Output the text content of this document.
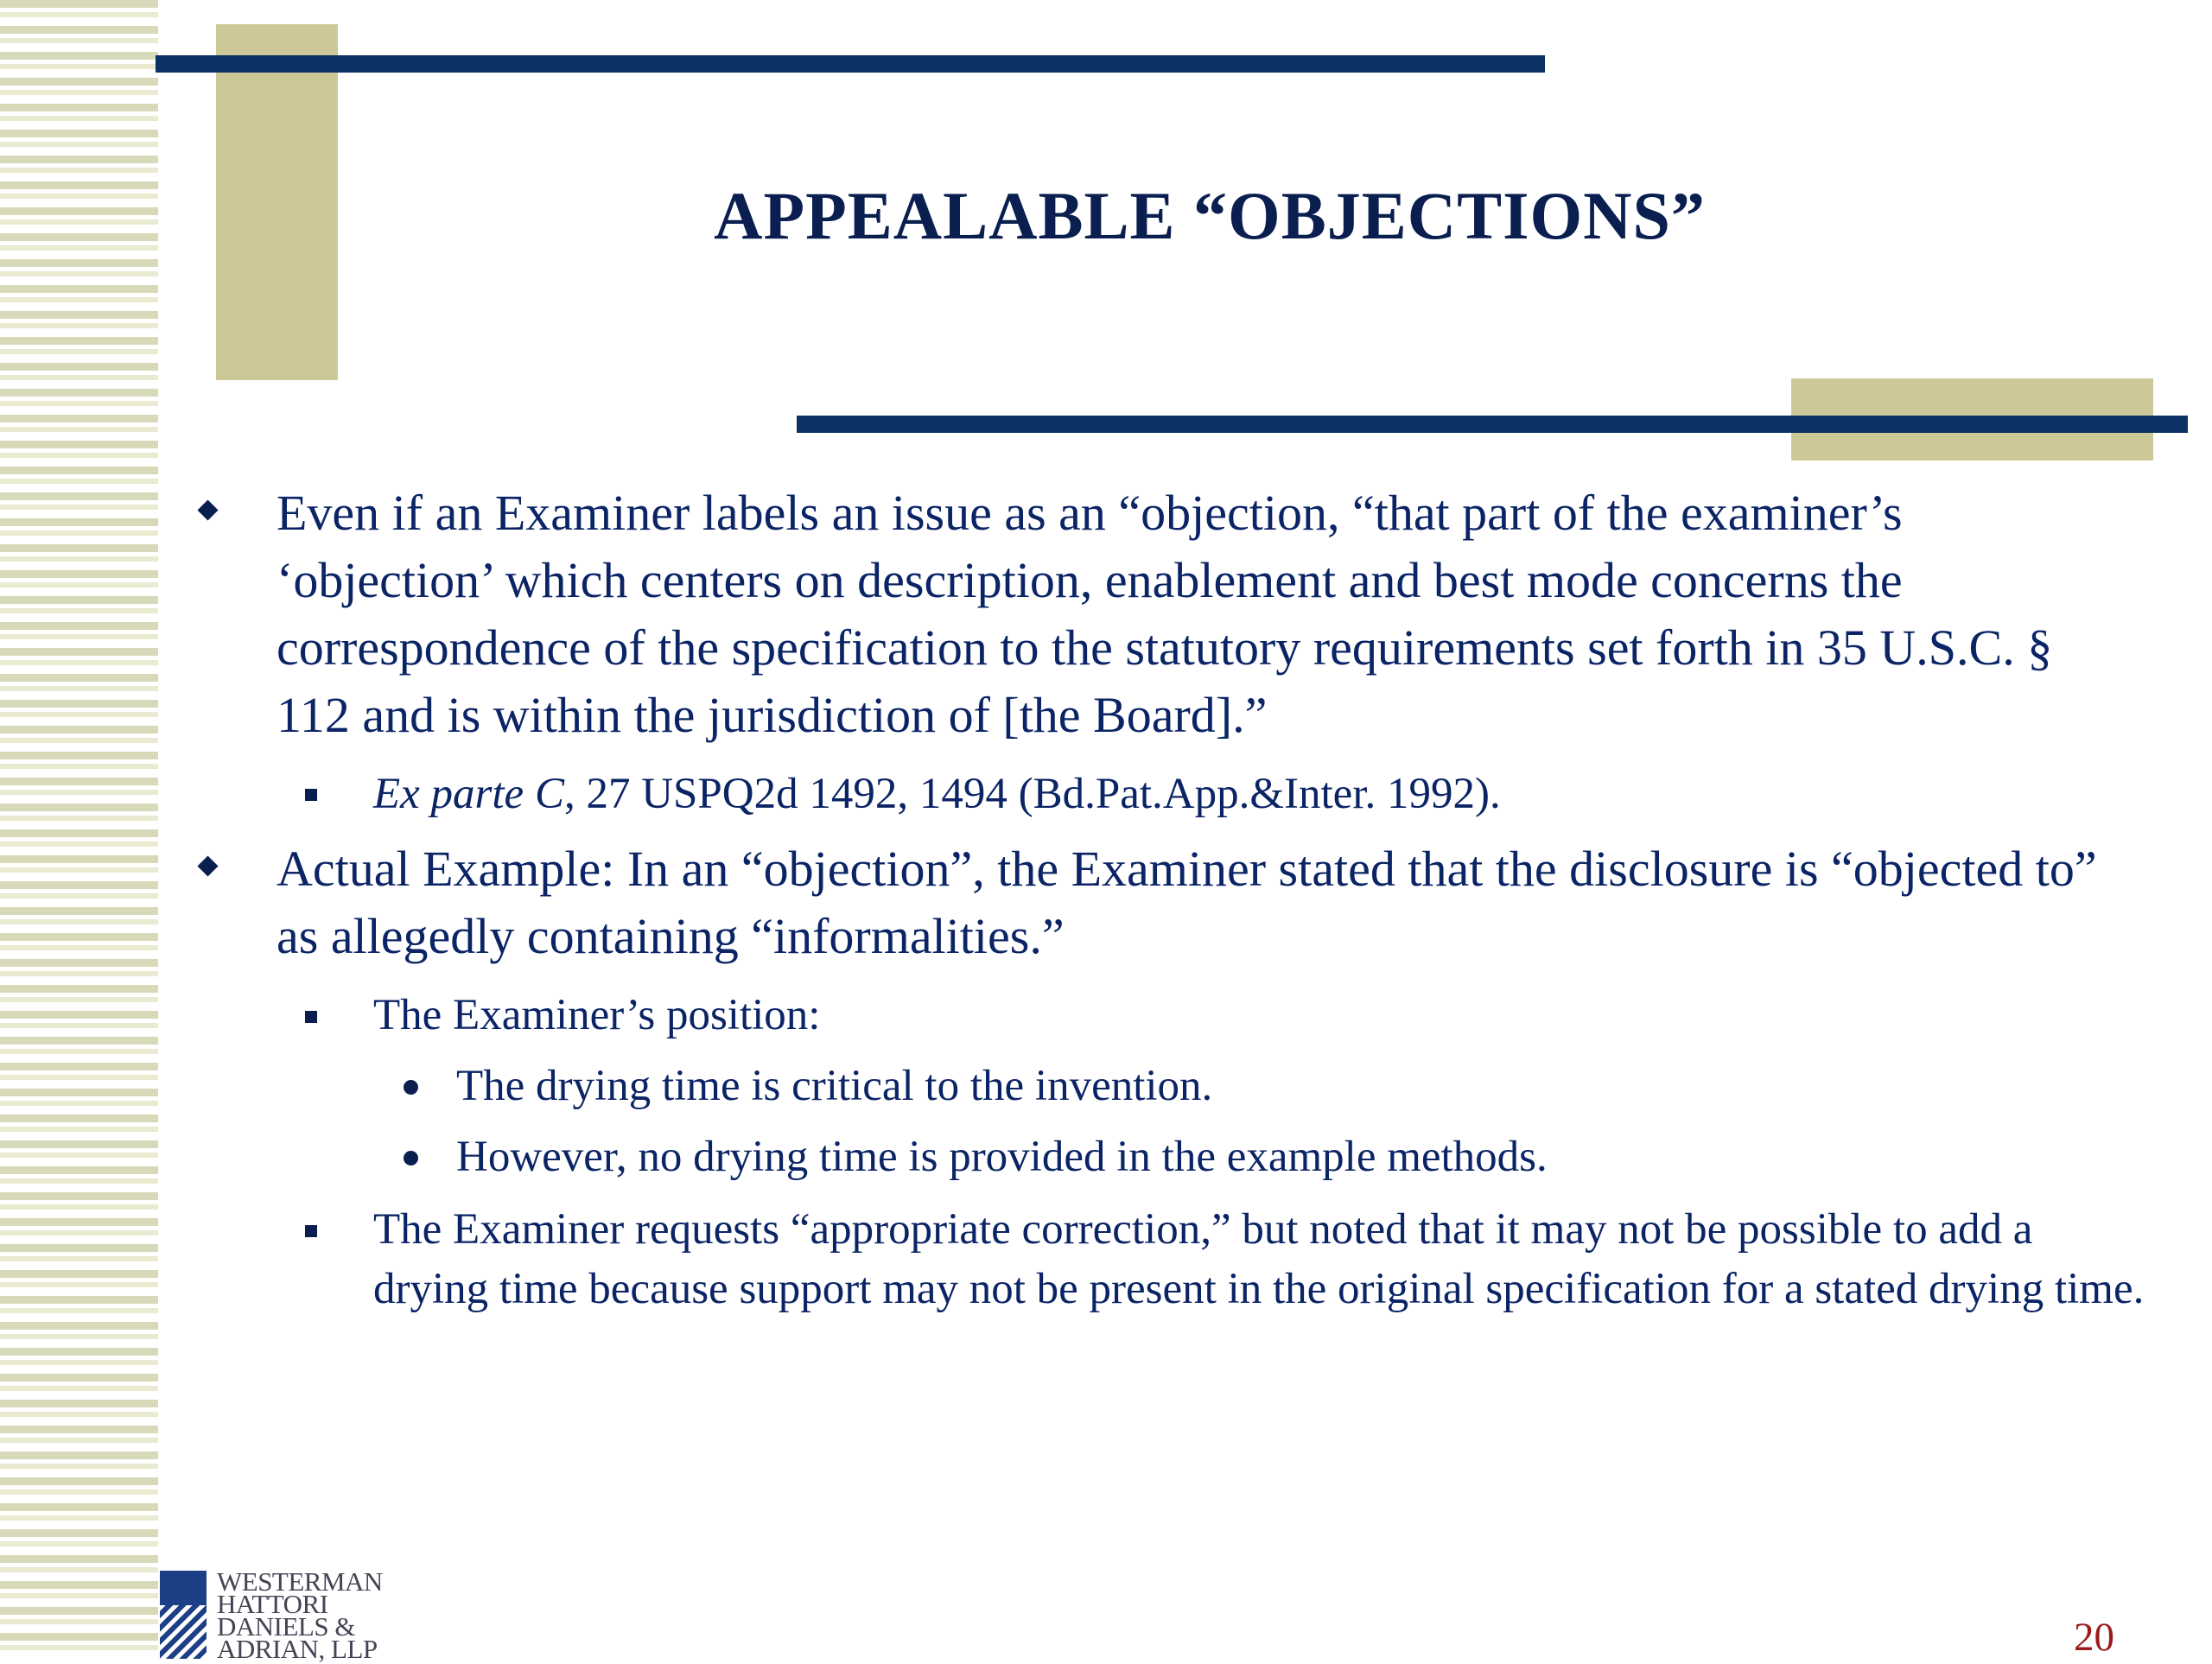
APPEALABLE “OBJECTIONS”
Even if an Examiner labels an issue as an “objection, “that part of the examiner’s ‘objection’ which centers on description, enablement and best mode concerns the correspondence of the specification to the statutory requirements set forth in 35 U.S.C. § 112 and is within the jurisdiction of [the Board].”
Ex parte C, 27 USPQ2d 1492, 1494 (Bd.Pat.App.&Inter. 1992).
Actual Example: In an “objection”, the Examiner stated that the disclosure is “objected to” as allegedly containing “informalities.”
The Examiner’s position:
The drying time is critical to the invention.
However, no drying time is provided in the example methods.
The Examiner requests “appropriate correction,” but noted that it may not be possible to add a drying time because support may not be present in the original specification for a stated drying time.
WESTERMAN
HATTORI
DANIELS &
ADRIAN, LLP	20
